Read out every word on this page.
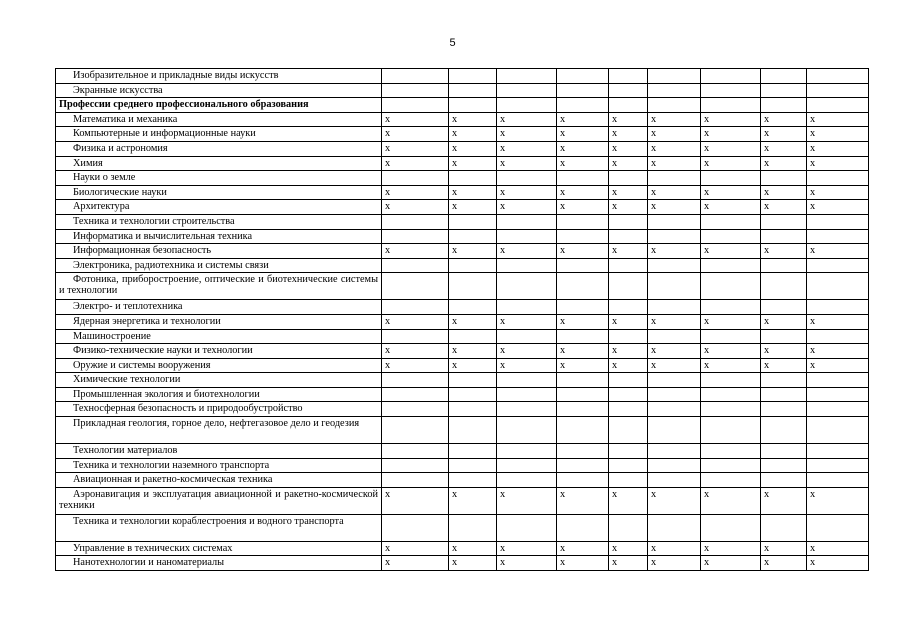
5
Изобразительное и прикладные виды искусств									
Экранные искусства									
Профессии среднего профессионального образования									
Математика и механика	x	x	x	x	x	x	x	x	x
Компьютерные и информационные науки	x	x	x	x	x	x	x	x	x
Физика и астрономия	x	x	x	x	x	x	x	x	x
Химия	x	x	x	x	x	x	x	x	x
Науки о земле									
Биологические науки	x	x	x	x	x	x	x	x	x
Архитектура	x	x	x	x	x	x	x	x	x
Техника и технологии строительства									
Информатика и вычислительная техника									
Информационная безопасность	x	x	x	x	x	x	x	x	x
Электроника, радиотехника и системы связи									
Фотоника, приборостроение, оптические и биотехнические системы и технологии									
Электро- и теплотехника									
Ядерная энергетика и технологии	x	x	x	x	x	x	x	x	x
Машиностроение									
Физико-технические науки и технологии	x	x	x	x	x	x	x	x	x
Оружие и системы вооружения	x	x	x	x	x	x	x	x	x
Химические технологии									
Промышленная экология и биотехнологии									
Техносферная безопасность и природообустройство									
Прикладная геология, горное дело, нефтегазовое дело и геодезия									
Технологии материалов									
Техника и технологии наземного транспорта									
Авиационная и ракетно-космическая техника									
Аэронавигация и эксплуатация авиационной и ракетно-космической техники	x	x	x	x	x	x	x	x	x
Техника и технологии кораблестроения и водного транспорта									
Управление в технических системах	x	x	x	x	x	x	x	x	x
Нанотехнологии и наноматериалы	x	x	x	x	x	x	x	x	x
